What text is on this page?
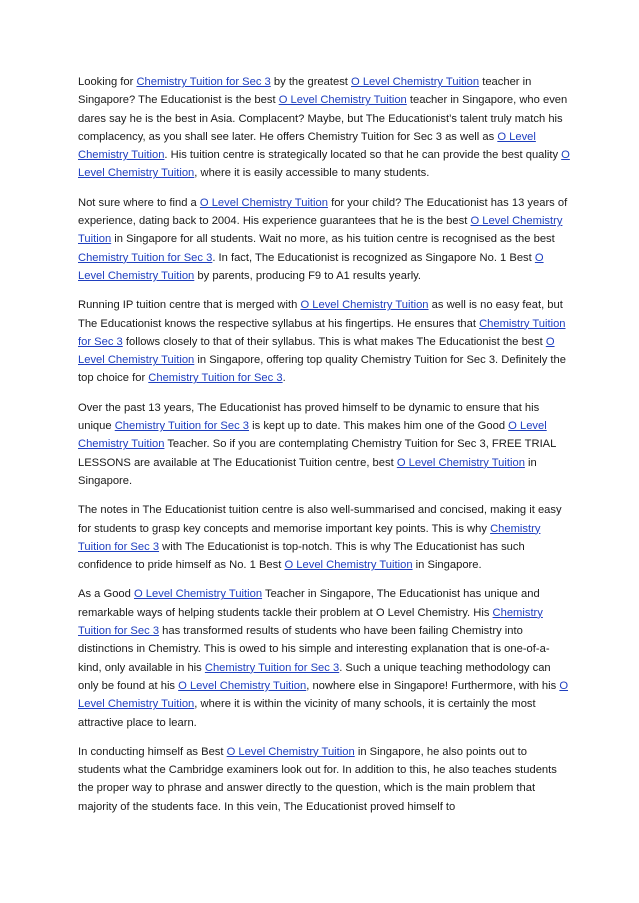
Looking for Chemistry Tuition for Sec 3 by the greatest O Level Chemistry Tuition teacher in Singapore? The Educationist is the best O Level Chemistry Tuition teacher in Singapore, who even dares say he is the best in Asia. Complacent? Maybe, but The Educationist’s talent truly match his complacency, as you shall see later. He offers Chemistry Tuition for Sec 3 as well as O Level Chemistry Tuition. His tuition centre is strategically located so that he can provide the best quality O Level Chemistry Tuition, where it is easily accessible to many students.

Not sure where to find a O Level Chemistry Tuition for your child? The Educationist has 13 years of experience, dating back to 2004. His experience guarantees that he is the best O Level Chemistry Tuition in Singapore for all students. Wait no more, as his tuition centre is recognised as the best Chemistry Tuition for Sec 3. In fact, The Educationist is recognized as Singapore No. 1 Best O Level Chemistry Tuition by parents, producing F9 to A1 results yearly.

Running IP tuition centre that is merged with O Level Chemistry Tuition as well is no easy feat, but The Educationist knows the respective syllabus at his fingertips. He ensures that Chemistry Tuition for Sec 3 follows closely to that of their syllabus. This is what makes The Educationist the best O Level Chemistry Tuition in Singapore, offering top quality Chemistry Tuition for Sec 3. Definitely the top choice for Chemistry Tuition for Sec 3.

Over the past 13 years, The Educationist has proved himself to be dynamic to ensure that his unique Chemistry Tuition for Sec 3 is kept up to date. This makes him one of the Good O Level Chemistry Tuition Teacher. So if you are contemplating Chemistry Tuition for Sec 3, FREE TRIAL LESSONS are available at The Educationist Tuition centre, best O Level Chemistry Tuition in Singapore.

The notes in The Educationist tuition centre is also well-summarised and concised, making it easy for students to grasp key concepts and memorise important key points. This is why Chemistry Tuition for Sec 3 with The Educationist is top-notch. This is why The Educationist has such confidence to pride himself as No. 1 Best O Level Chemistry Tuition in Singapore.

As a Good O Level Chemistry Tuition Teacher in Singapore, The Educationist has unique and remarkable ways of helping students tackle their problem at O Level Chemistry. His Chemistry Tuition for Sec 3 has transformed results of students who have been failing Chemistry into distinctions in Chemistry. This is owed to his simple and interesting explanation that is one-of-a-kind, only available in his Chemistry Tuition for Sec 3. Such a unique teaching methodology can only be found at his O Level Chemistry Tuition, nowhere else in Singapore! Furthermore, with his O Level Chemistry Tuition, where it is within the vicinity of many schools, it is certainly the most attractive place to learn.

In conducting himself as Best O Level Chemistry Tuition in Singapore, he also points out to students what the Cambridge examiners look out for. In addition to this, he also teaches students the proper way to phrase and answer directly to the question, which is the main problem that majority of the students face. In this vein, The Educationist proved himself to
